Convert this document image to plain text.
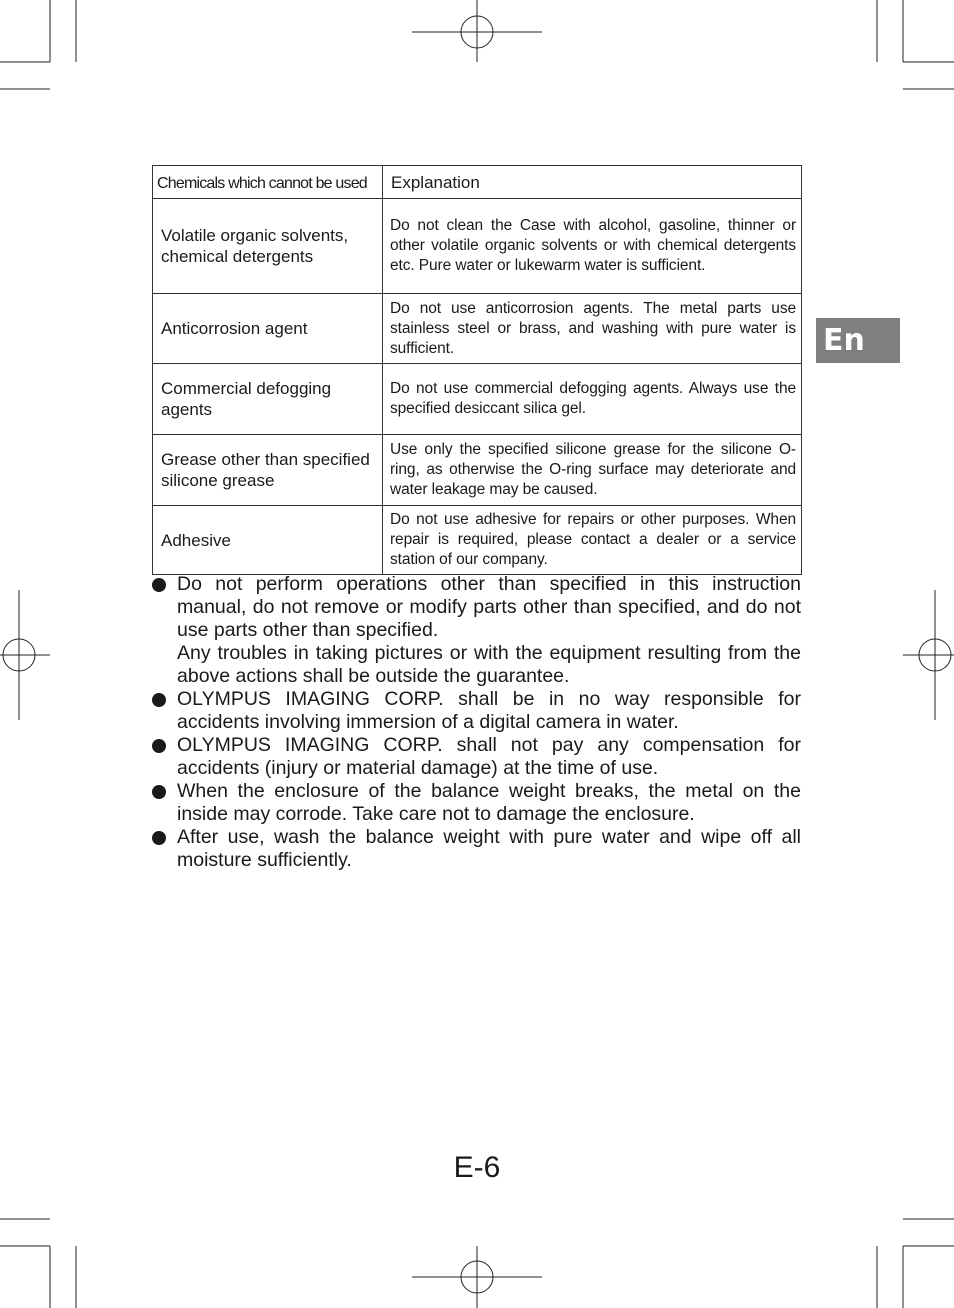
En
Chemicals which cannot be used	Explanation
Volatile organic solvents, chemical detergents	Do not clean the Case with alcohol, gasoline, thinner or other volatile organic solvents or with chemical detergents etc. Pure water or lukewarm water is sufficient.
Anticorrosion agent	Do not use anticorrosion agents. The metal parts use stainless steel or brass, and washing with pure water is sufficient.
Commercial defogging agents	Do not use commercial defogging agents. Always use the specified desiccant silica gel.
Grease other than specified silicone grease	Use only the specified silicone grease for the silicone O-ring, as otherwise the O-ring surface may deteriorate and water leakage may be caused.
Adhesive	Do not use adhesive for repairs or other purposes. When repair is required, please contact a dealer or a service station of our company.

Do not perform operations other than specified in this instruction manual, do not remove or modify parts other than specified, and do not use parts other than specified.

Any troubles in taking pictures or with the equipment resulting from the above actions shall be outside the guarantee.

OLYMPUS IMAGING CORP. shall be in no way responsible for accidents involving immersion of a digital camera in water.

OLYMPUS IMAGING CORP. shall not pay any compensation for accidents (injury or material damage) at the time of use.

When the enclosure of the balance weight breaks, the metal on the inside may corrode. Take care not to damage the enclosure.

After use, wash the balance weight with pure water and wipe off all moisture sufficiently.

E-6
